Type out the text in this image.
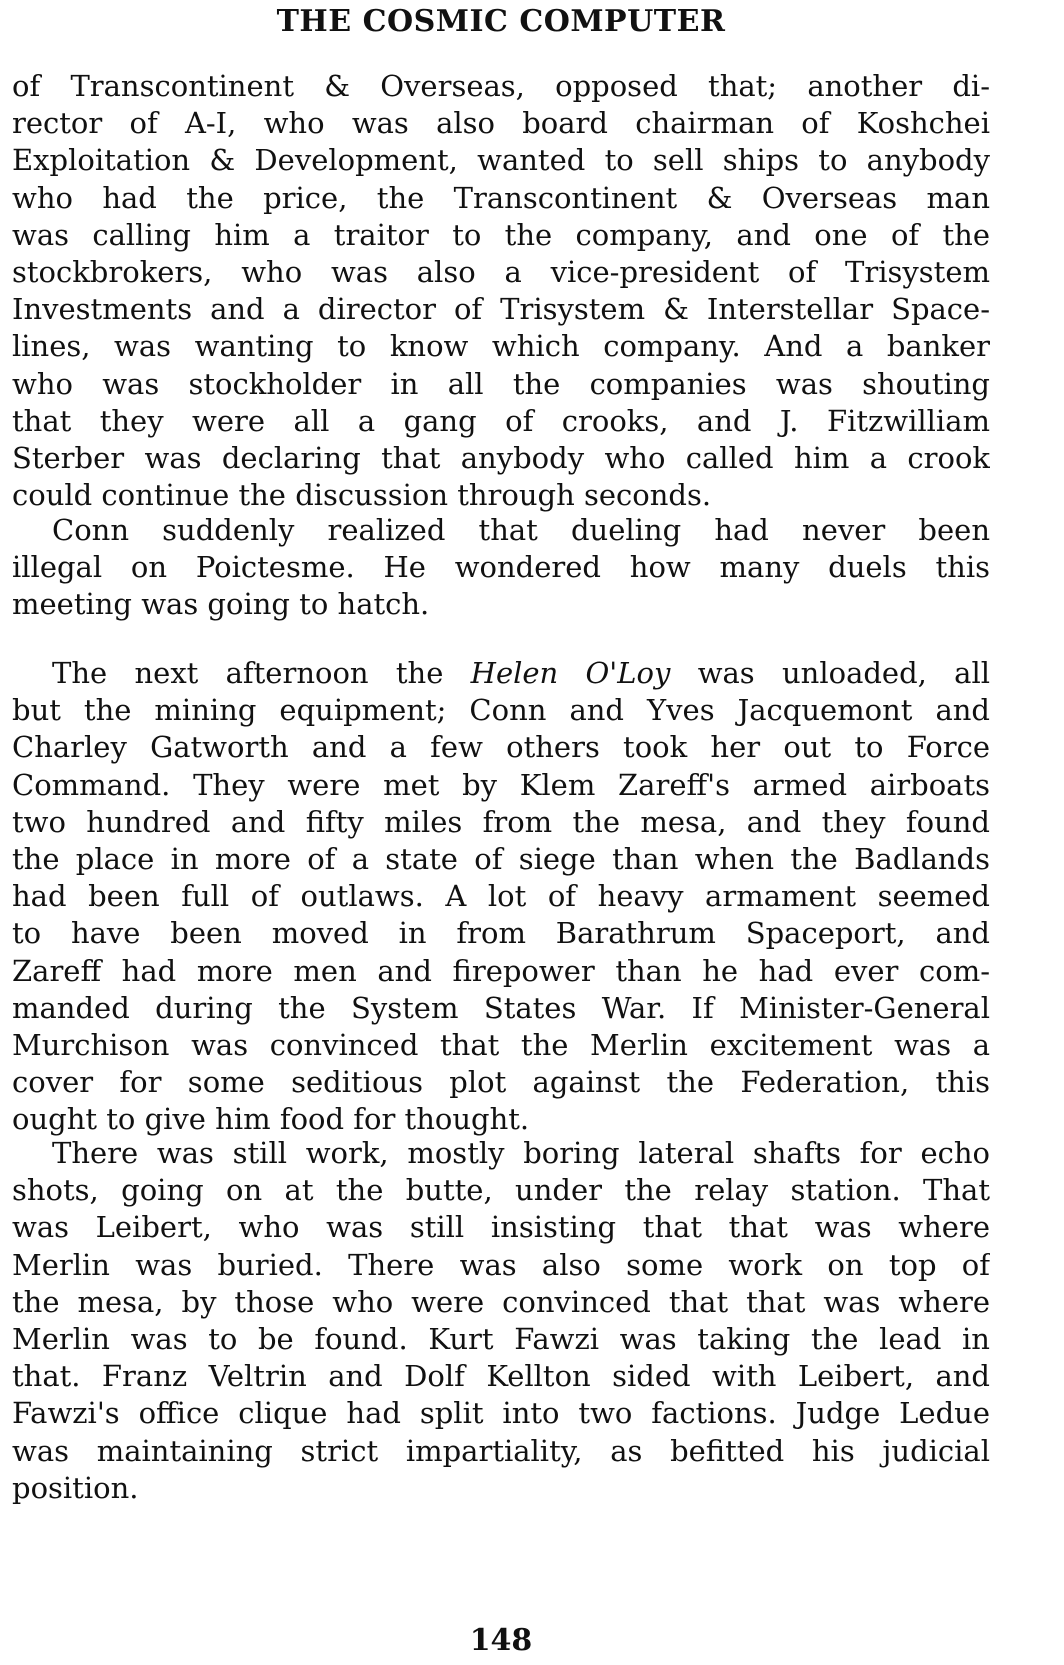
THE COSMIC COMPUTER
of Transcontinent & Overseas, opposed that; another di-
rector of A-I, who was also board chairman of Koshchei
Exploitation & Development, wanted to sell ships to anybody
who had the price, the Transcontinent & Overseas man
was calling him a traitor to the company, and one of the
stockbrokers, who was also a vice-president of Trisystem
Investments and a director of Trisystem & Interstellar Space-
lines, was wanting to know which company. And a banker
who was stockholder in all the companies was shouting
that they were all a gang of crooks, and J. Fitzwilliam
Sterber was declaring that anybody who called him a crook
could continue the discussion through seconds.
Conn suddenly realized that dueling had never been
illegal on Poictesme. He wondered how many duels this
meeting was going to hatch.
The next afternoon the Helen O'Loy was unloaded, all
but the mining equipment; Conn and Yves Jacquemont and
Charley Gatworth and a few others took her out to Force
Command. They were met by Klem Zareff's armed airboats
two hundred and fifty miles from the mesa, and they found
the place in more of a state of siege than when the Badlands
had been full of outlaws. A lot of heavy armament seemed
to have been moved in from Barathrum Spaceport, and
Zareff had more men and firepower than he had ever com-
manded during the System States War. If Minister-General
Murchison was convinced that the Merlin excitement was a
cover for some seditious plot against the Federation, this
ought to give him food for thought.
There was still work, mostly boring lateral shafts for echo
shots, going on at the butte, under the relay station. That
was Leibert, who was still insisting that that was where
Merlin was buried. There was also some work on top of
the mesa, by those who were convinced that that was where
Merlin was to be found. Kurt Fawzi was taking the lead in
that. Franz Veltrin and Dolf Kellton sided with Leibert, and
Fawzi's office clique had split into two factions. Judge Ledue
was maintaining strict impartiality, as befitted his judicial
position.
148
